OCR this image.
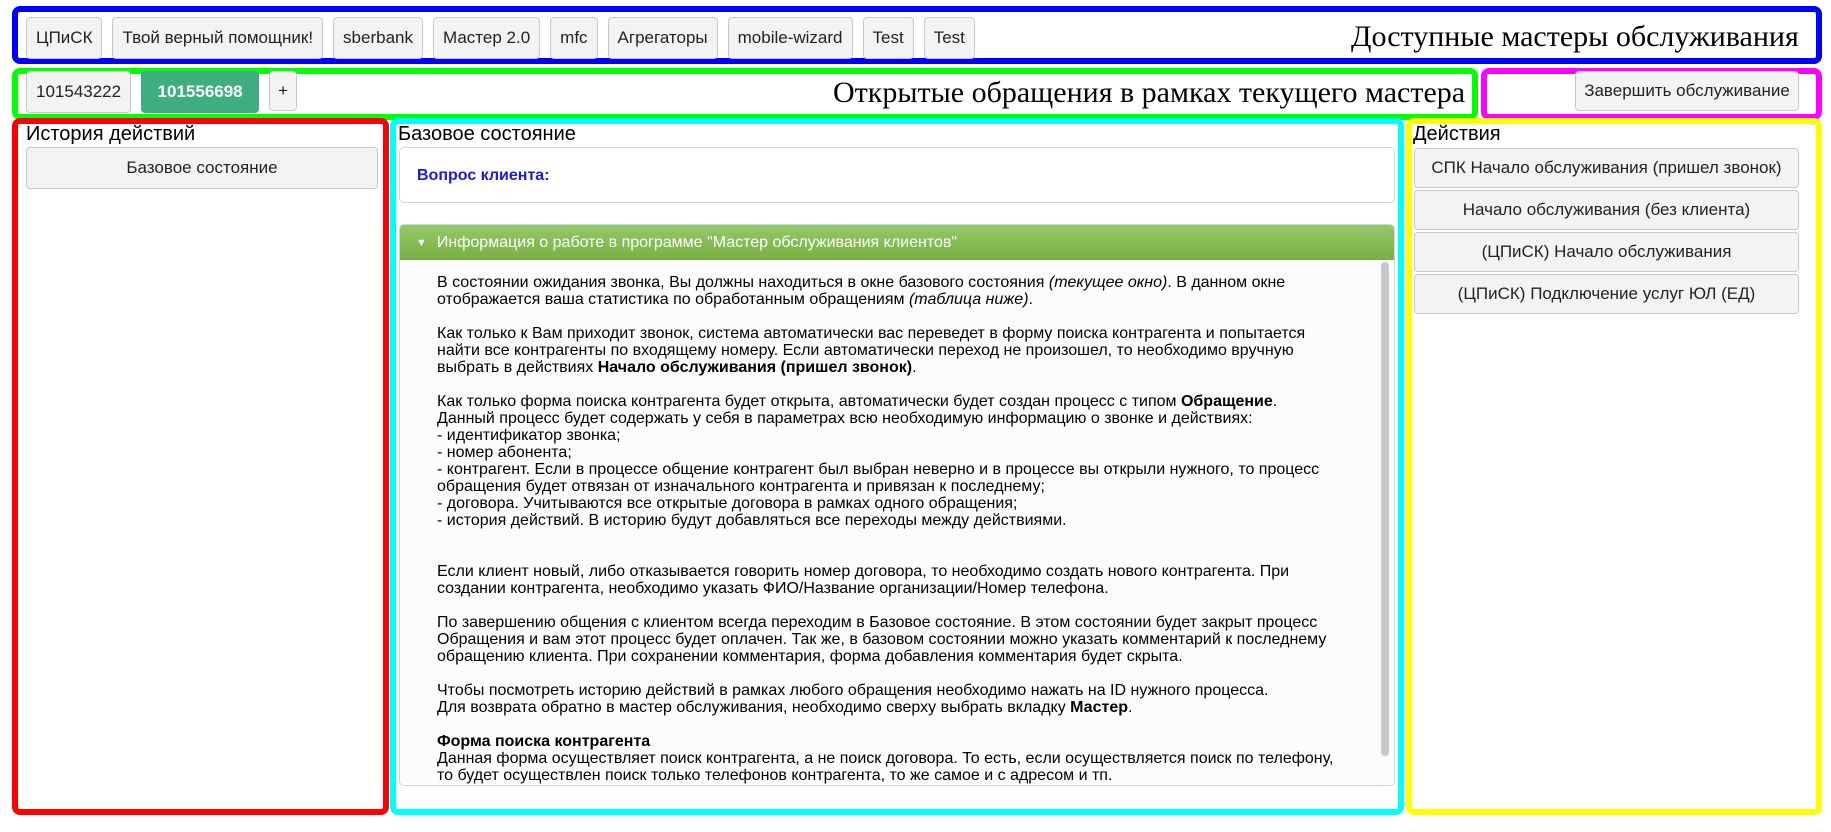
ЦПиСК	Твой верный помощник!	sberbank	Мастер 2.0	mfc	Агрегаторы	mobile-wizard	Test	Test	Доступные мастеры обслуживания
101543222	101556698	+	Открытые обращения в рамках текущего мастера	Завершить обслуживание
История действий
Базовое состояние
Базовое состояние
Вопрос клиента:
▼ Информация о работе в программе "Мастер обслуживания клиентов"

В состоянии ожидания звонка, Вы должны находиться в окне базового состояния (текущее окно). В данном окне отображается ваша статистика по обработанным обращениям (таблица ниже).

Как только к Вам приходит звонок, система автоматически вас переведет в форму поиска контрагента и попытается найти все контрагенты по входящему номеру. Если автоматически переход не произошел, то необходимо вручную выбрать в действиях Начало обслуживания (пришел звонок).

Как только форма поиска контрагента будет открыта, автоматически будет создан процесс с типом Обращение.
Данный процесс будет содержать у себя в параметрах всю необходимую информацию о звонке и действиях:
- идентификатор звонка;
- номер абонента;
- контрагент. Если в процессе общение контрагент был выбран неверно и в процессе вы открыли нужного, то процесс обращения будет отвязан от изначального контрагента и привязан к последнему;
- договора. Учитываются все открытые договора в рамках одного обращения;
- история действий. В историю будут добавляться все переходы между действиями.

Если клиент новый, либо отказывается говорить номер договора, то необходимо создать нового контрагента. При создании контрагента, необходимо указать ФИО/Название организации/Номер телефона.

По завершению общения с клиентом всегда переходим в Базовое состояние. В этом состоянии будет закрыт процесс Обращения и вам этот процесс будет оплачен. Так же, в базовом состоянии можно указать комментарий к последнему обращению клиента. При сохранении комментария, форма добавления комментария будет скрыта.

Чтобы посмотреть историю действий в рамках любого обращения необходимо нажать на ID нужного процесса.
Для возврата обратно в мастер обслуживания, необходимо сверху выбрать вкладку Мастер.

Форма поиска контрагента
Данная форма осуществляет поиск контрагента, а не поиск договора. То есть, если осуществляется поиск по телефону, то будет осуществлен поиск только телефонов контрагента, то же самое и с адресом и тп.

Действия
СПК Начало обслуживания (пришел звонок)
Начало обслуживания (без клиента)
(ЦПиСК) Начало обслуживания
(ЦПиСК) Подключение услуг ЮЛ (ЕД)
